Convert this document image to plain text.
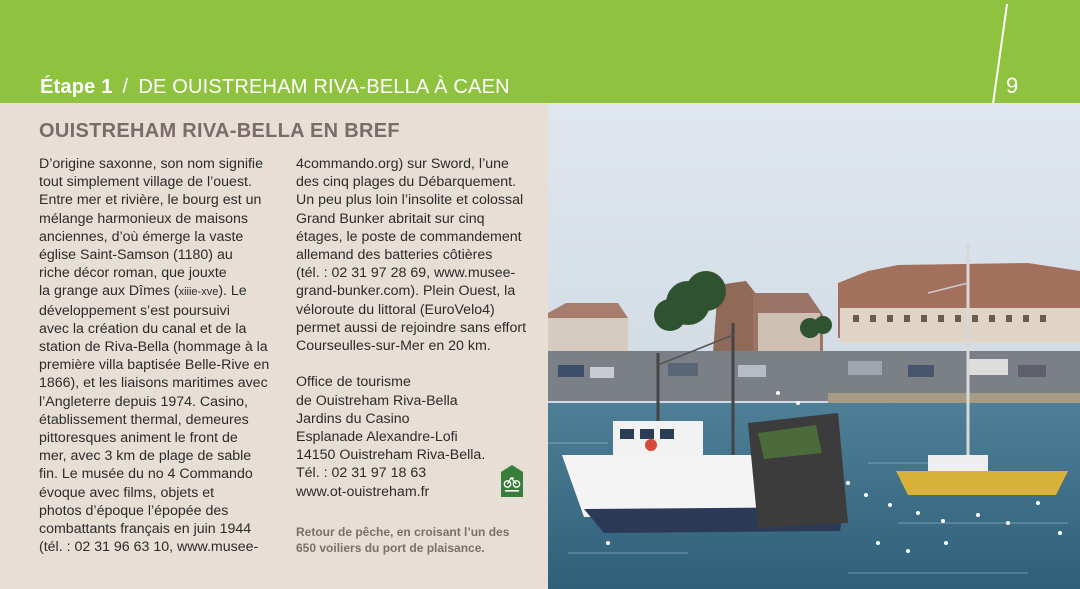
Étape 1 / DE OUISTREHAM RIVA-BELLA À CAEN	9
OUISTREHAM RIVA-BELLA EN BREF
D’origine saxonne, son nom signifie
tout simplement village de l’ouest.
Entre mer et rivière, le bourg est un
mélange harmonieux de maisons
anciennes, d’où émerge la vaste
église Saint-Samson (1180) au
riche décor roman, que jouxte
la grange aux Dîmes (xiiie-xve). Le
développement s’est poursuivi
avec la création du canal et de la
station de Riva-Bella (hommage à la
première villa baptisée Belle-Rive en
1866), et les liaisons maritimes avec
l’Angleterre depuis 1974. Casino,
établissement thermal, demeures
pittoresques animent le front de
mer, avec 3 km de plage de sable
fin. Le musée du no 4 Commando
évoque avec films, objets et
photos d’époque l’épopée des
combattants français en juin 1944
(tél. : 02 31 96 63 10, www.musee-
4commando.org) sur Sword, l’une
des cinq plages du Débarquement.
Un peu plus loin l’insolite et colossal
Grand Bunker abritait sur cinq
étages, le poste de commandement
allemand des batteries côtières
(tél. : 02 31 97 28 69, www.musee-
grand-bunker.com). Plein Ouest, la
véloroute du littoral (EuroVelo4)
permet aussi de rejoindre sans effort
Courseulles-sur-Mer en 20 km.
Office de tourisme
de Ouistreham Riva-Bella
Jardins du Casino
Esplanade Alexandre-Lofi
14150 Ouistreham Riva-Bella.
Tél. : 02 31 97 18 63
www.ot-ouistreham.fr
Retour de pêche, en croisant l’un des
650 voiliers du port de plaisance.
